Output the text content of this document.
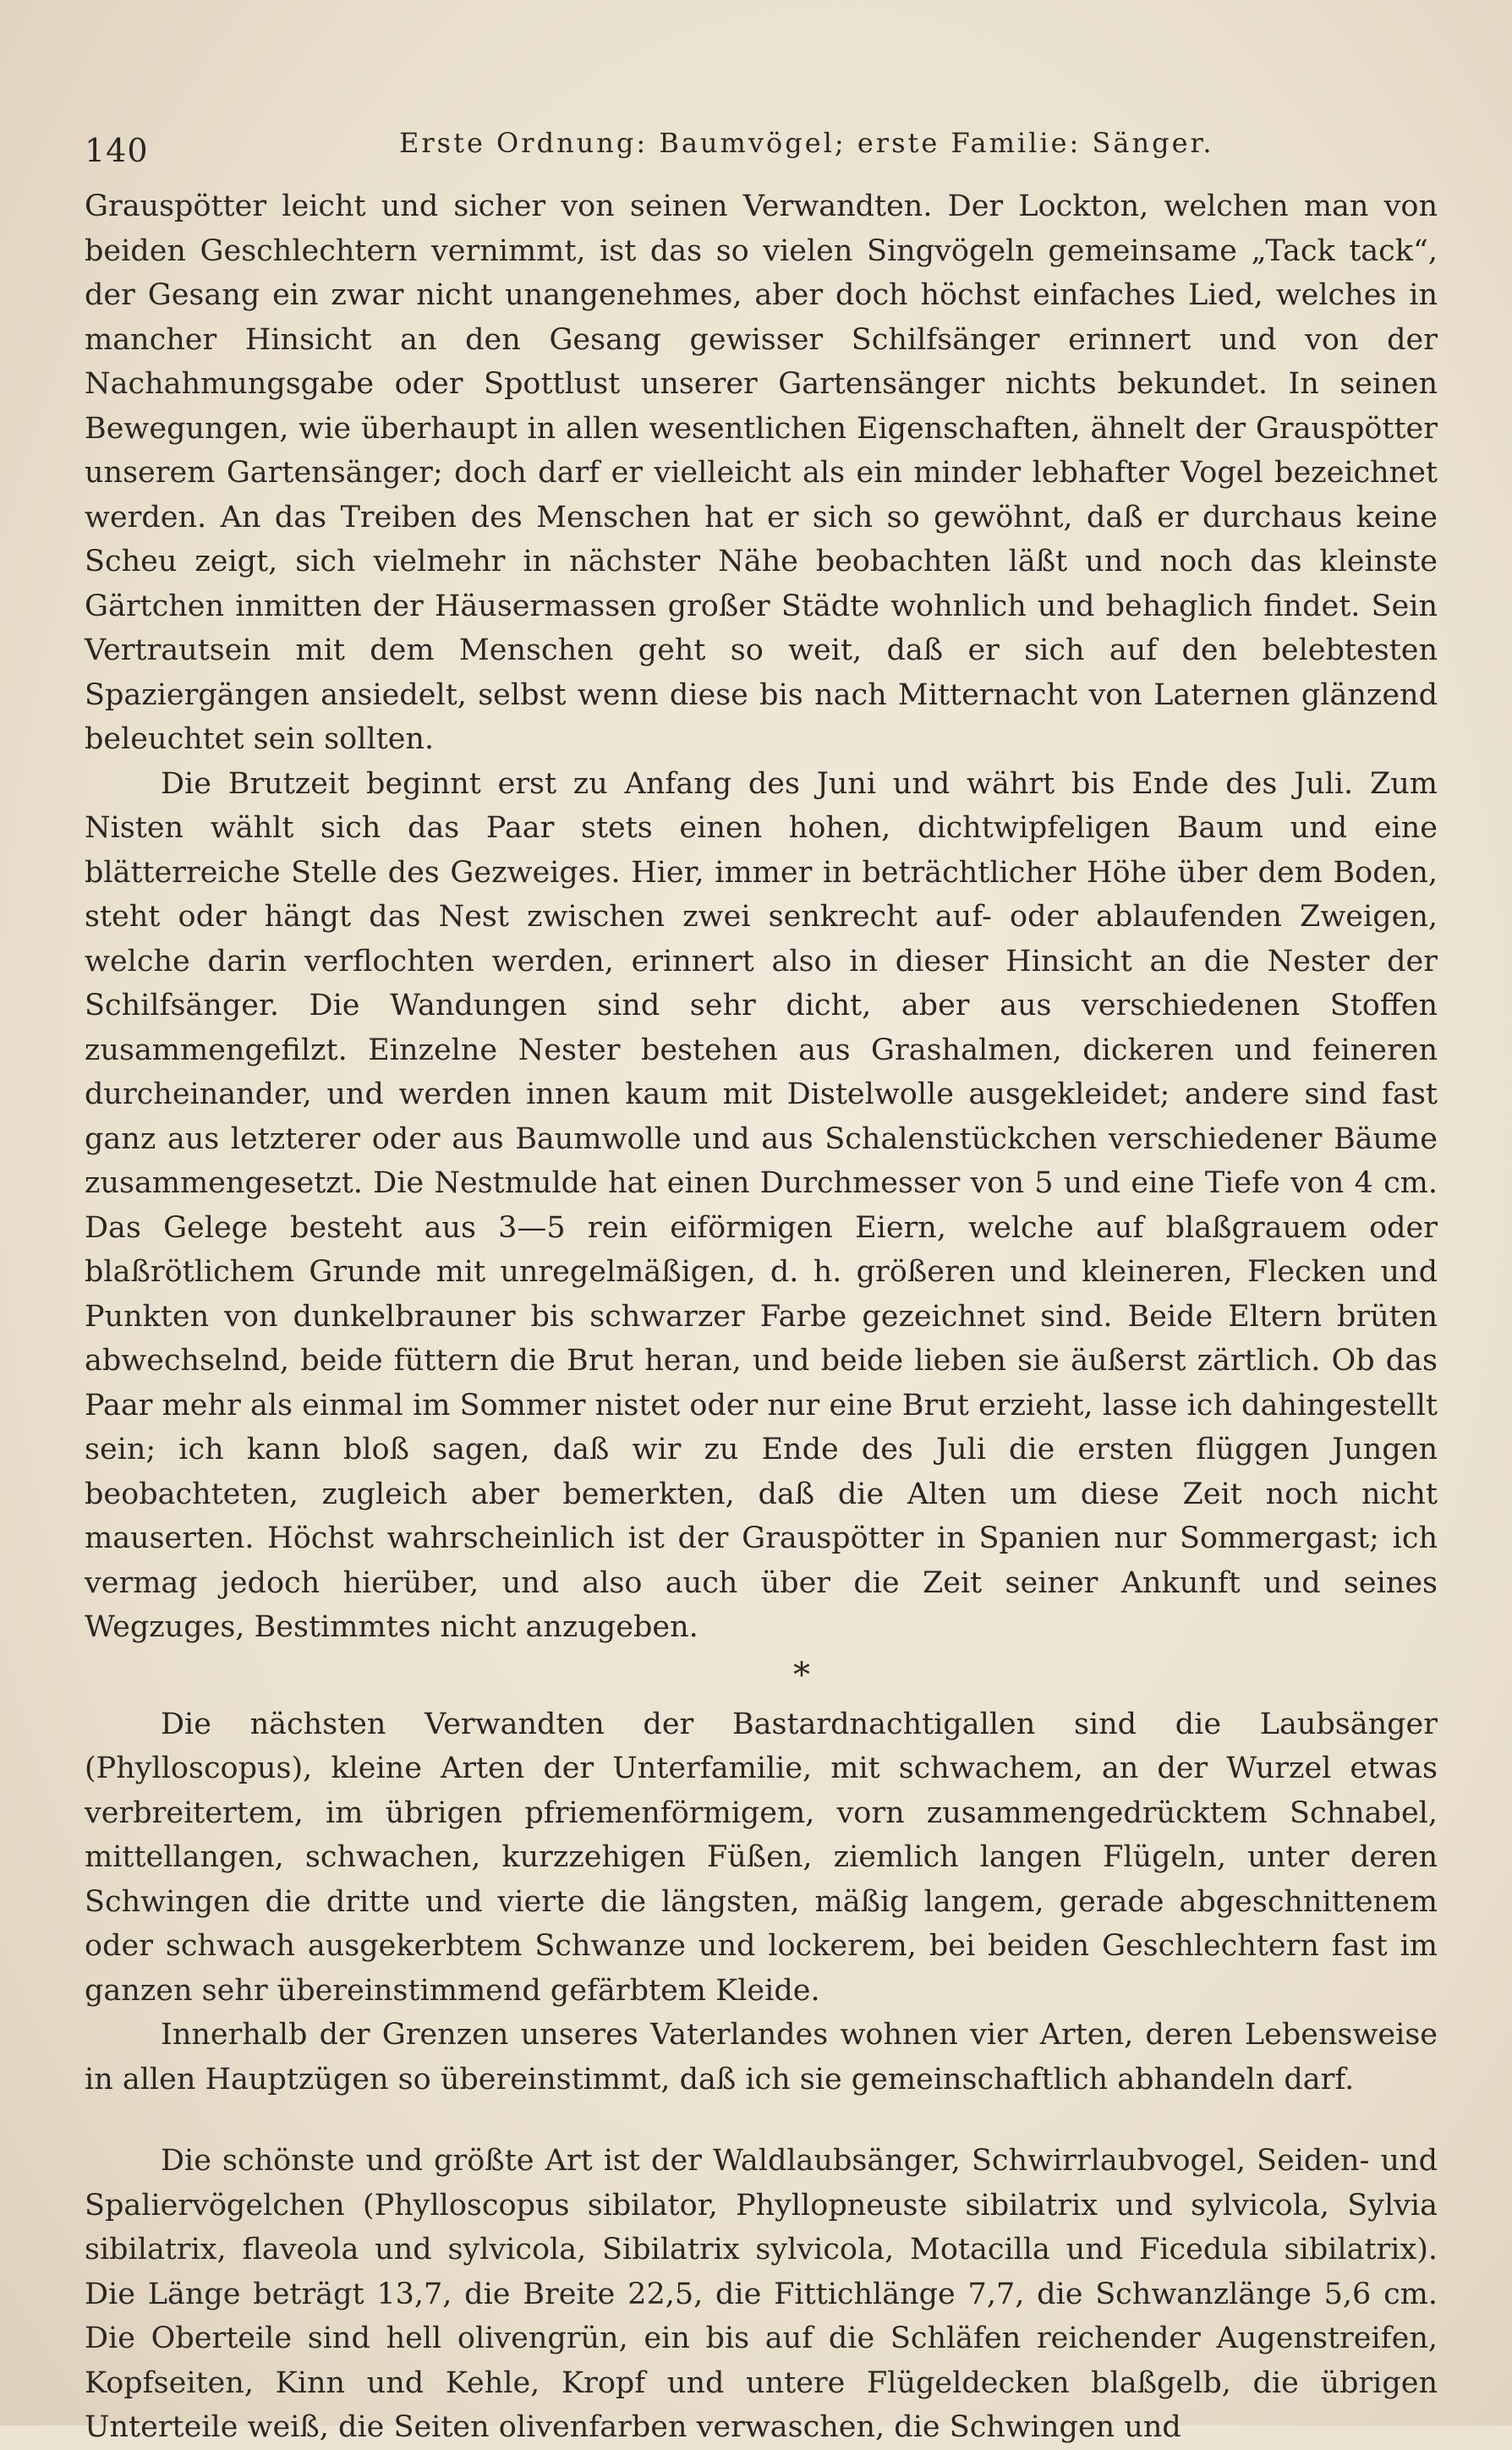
140	Erste Ordnung: Baumvögel; erste Familie: Sänger.

Grauspötter leicht und sicher von seinen Verwandten. Der Lockton, welchen man von beiden Geschlechtern vernimmt, ist das so vielen Singvögeln gemeinsame „Tack tack“, der Gesang ein zwar nicht unangenehmes, aber doch höchst einfaches Lied, welches in mancher Hinsicht an den Gesang gewisser Schilfsänger erinnert und von der Nachahmungsgabe oder Spottlust unserer Gartensänger nichts bekundet. In seinen Bewegungen, wie überhaupt in allen wesentlichen Eigenschaften, ähnelt der Grauspötter unserem Gartensänger; doch darf er vielleicht als ein minder lebhafter Vogel bezeichnet werden. An das Treiben des Menschen hat er sich so gewöhnt, daß er durchaus keine Scheu zeigt, sich vielmehr in nächster Nähe beobachten läßt und noch das kleinste Gärtchen inmitten der Häusermassen großer Städte wohnlich und behaglich findet. Sein Vertrautsein mit dem Menschen geht so weit, daß er sich auf den belebtesten Spaziergängen ansiedelt, selbst wenn diese bis nach Mitternacht von Laternen glänzend beleuchtet sein sollten.

Die Brutzeit beginnt erst zu Anfang des Juni und währt bis Ende des Juli. Zum Nisten wählt sich das Paar stets einen hohen, dichtwipfeligen Baum und eine blätterreiche Stelle des Gezweiges. Hier, immer in beträchtlicher Höhe über dem Boden, steht oder hängt das Nest zwischen zwei senkrecht auf- oder ablaufenden Zweigen, welche darin verflochten werden, erinnert also in dieser Hinsicht an die Nester der Schilfsänger. Die Wandungen sind sehr dicht, aber aus verschiedenen Stoffen zusammengefilzt. Einzelne Nester bestehen aus Grashalmen, dickeren und feineren durcheinander, und werden innen kaum mit Distelwolle ausgekleidet; andere sind fast ganz aus letzterer oder aus Baumwolle und aus Schalenstückchen verschiedener Bäume zusammengesetzt. Die Nestmulde hat einen Durchmesser von 5 und eine Tiefe von 4 cm. Das Gelege besteht aus 3—5 rein eiförmigen Eiern, welche auf blaßgrauem oder blaßrötlichem Grunde mit unregelmäßigen, d. h. größeren und kleineren, Flecken und Punkten von dunkelbrauner bis schwarzer Farbe gezeichnet sind. Beide Eltern brüten abwechselnd, beide füttern die Brut heran, und beide lieben sie äußerst zärtlich. Ob das Paar mehr als einmal im Sommer nistet oder nur eine Brut erzieht, lasse ich dahingestellt sein; ich kann bloß sagen, daß wir zu Ende des Juli die ersten flüggen Jungen beobachteten, zugleich aber bemerkten, daß die Alten um diese Zeit noch nicht mauserten. Höchst wahrscheinlich ist der Grauspötter in Spanien nur Sommergast; ich vermag jedoch hierüber, und also auch über die Zeit seiner Ankunft und seines Wegzuges, Bestimmtes nicht anzugeben.

*

Die nächsten Verwandten der Bastardnachtigallen sind die Laubsänger (Phylloscopus), kleine Arten der Unterfamilie, mit schwachem, an der Wurzel etwas verbreitertem, im übrigen pfriemenförmigem, vorn zusammengedrücktem Schnabel, mittellangen, schwachen, kurzzehigen Füßen, ziemlich langen Flügeln, unter deren Schwingen die dritte und vierte die längsten, mäßig langem, gerade abgeschnittenem oder schwach ausgekerbtem Schwanze und lockerem, bei beiden Geschlechtern fast im ganzen sehr übereinstimmend gefärbtem Kleide.

Innerhalb der Grenzen unseres Vaterlandes wohnen vier Arten, deren Lebensweise in allen Hauptzügen so übereinstimmt, daß ich sie gemeinschaftlich abhandeln darf.

Die schönste und größte Art ist der Waldlaubsänger, Schwirrlaubvogel, Seiden- und Spaliervögelchen (Phylloscopus sibilator, Phyllopneuste sibilatrix und sylvicola, Sylvia sibilatrix, flaveola und sylvicola, Sibilatrix sylvicola, Motacilla und Ficedula sibilatrix). Die Länge beträgt 13,7, die Breite 22,5, die Fittichlänge 7,7, die Schwanzlänge 5,6 cm. Die Oberteile sind hell olivengrün, ein bis auf die Schläfen reichender Augenstreifen, Kopfseiten, Kinn und Kehle, Kropf und untere Flügeldecken blaßgelb, die übrigen Unterteile weiß, die Seiten olivenfarben verwaschen, die Schwingen und
